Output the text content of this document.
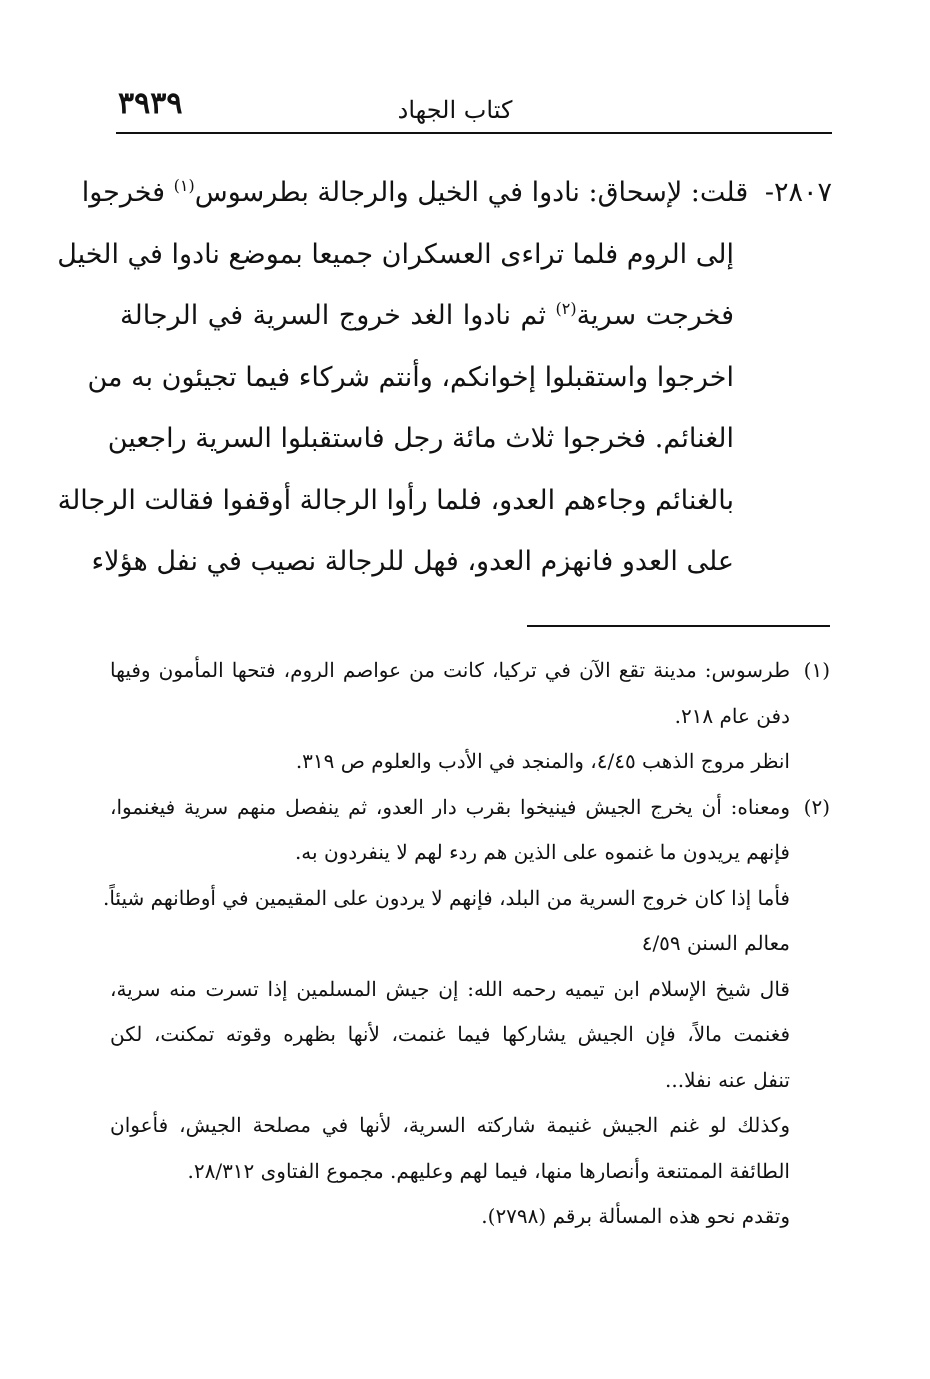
٣٩٣٩	كتاب الجهاد
٢٨٠٧- قلت: لإسحاق: نادوا في الخيل والرجالة بطرسوس$^{(١)}$ فخرجوا
إلى الروم فلما تراءى العسكران جميعا بموضع نادوا في الخيل
فخرجت سرية$^{(٢)}$ ثم نادوا الغد خروج السرية في الرجالة
اخرجوا واستقبلوا إخوانكم، وأنتم شركاء فيما تجيئون به من
الغنائم. فخرجوا ثلاث مائة رجل فاستقبلوا السرية راجعين
بالغنائم وجاءهم العدو، فلما رأوا الرجالة أوقفوا فقالت الرجالة
على العدو فانهزم العدو، فهل للرجالة نصيب في نفل هؤلاء
(١)طرسوس: مدينة تقع الآن في تركيا، كانت من عواصم الروم، فتحها المأمون وفيها
دفن عام ٢١٨.
انظر مروج الذهب ٤/٤٥، والمنجد في الأدب والعلوم ص ٣١٩.
(٢)ومعناه: أن يخرج الجيش فينيخوا بقرب دار العدو، ثم ينفصل منهم سرية فيغنموا،
فإنهم يريدون ما غنموه على الذين هم ردء لهم لا ينفردون به.
فأما إذا كان خروج السرية من البلد، فإنهم لا يردون على المقيمين في أوطانهم شيئاً.
معالم السنن ٤/٥٩
قال شيخ الإسلام ابن تيميه رحمه الله: إن جيش المسلمين إذا تسرت منه سرية،
فغنمت مالاً، فإن الجيش يشاركها فيما غنمت، لأنها بظهره وقوته تمكنت، لكن
تنفل عنه نفلا...
وكذلك لو غنم الجيش غنيمة شاركته السرية، لأنها في مصلحة الجيش، فأعوان
الطائفة الممتنعة وأنصارها منها، فيما لهم وعليهم. مجموع الفتاوى ٢٨/٣١٢.
وتقدم نحو هذه المسألة برقم (٢٧٩٨).
